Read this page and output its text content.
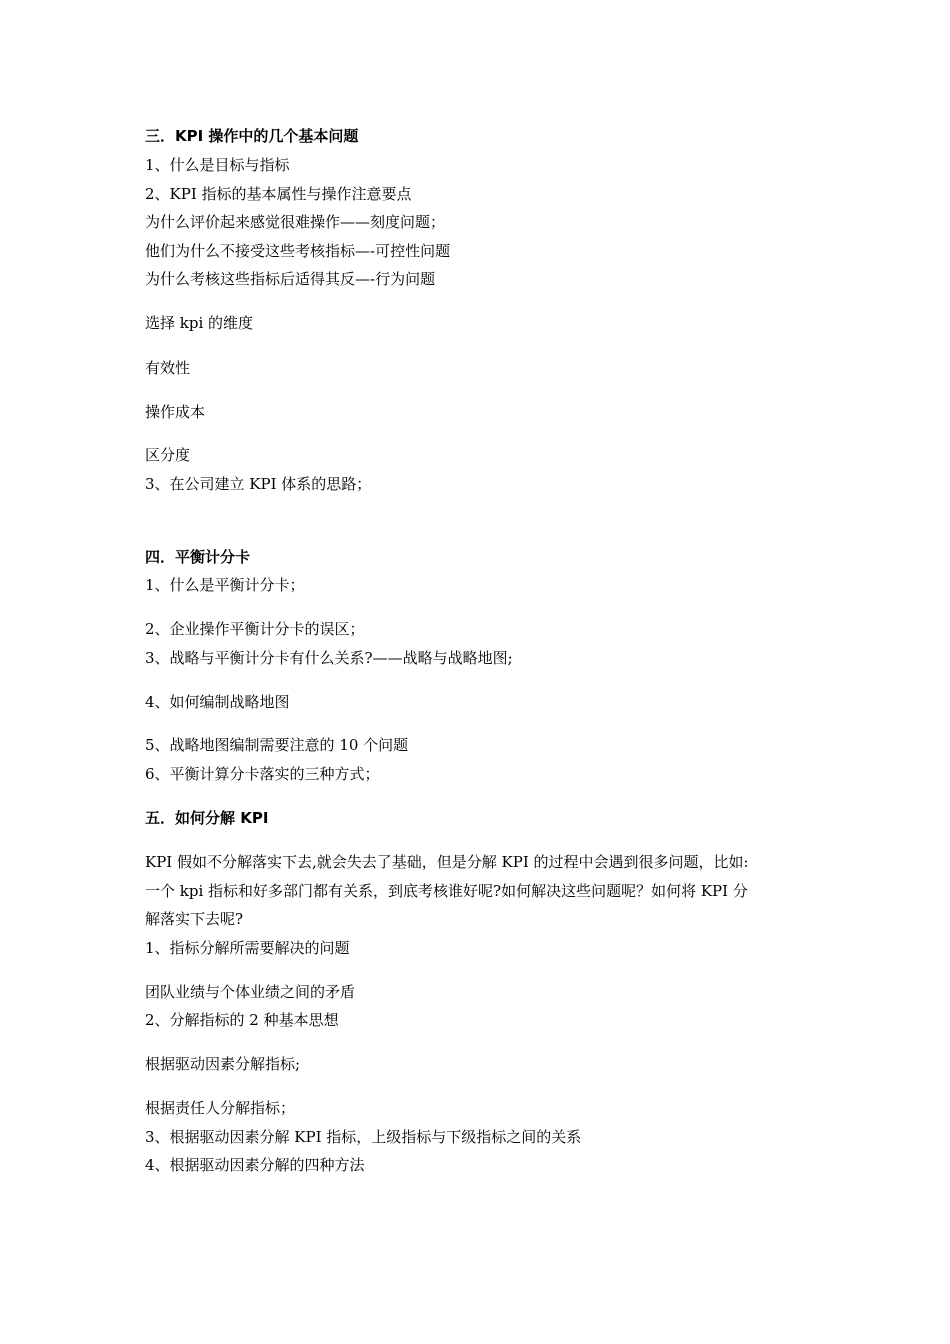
三．KPI 操作中的几个基本问题
1、什么是目标与指标
2、KPI 指标的基本属性与操作注意要点
为什么评价起来感觉很难操作——刻度问题；
他们为什么不接受这些考核指标—-可控性问题
为什么考核这些指标后适得其反—-行为问题
选择 kpi 的维度
有效性
操作成本
区分度
3、在公司建立 KPI 体系的思路；
四．平衡计分卡
1、什么是平衡计分卡；
2、企业操作平衡计分卡的误区；
3、战略与平衡计分卡有什么关系?——战略与战略地图;
4、如何编制战略地图
5、战略地图编制需要注意的 10 个问题
6、平衡计算分卡落实的三种方式；
五．如何分解 KPI
KPI 假如不分解落实下去,就会失去了基础，但是分解 KPI 的过程中会遇到很多问题，比如:
一个 kpi 指标和好多部门都有关系，到底考核谁好呢?如何解决这些问题呢？如何将 KPI 分
解落实下去呢?
1、指标分解所需要解决的问题
团队业绩与个体业绩之间的矛盾
2、分解指标的 2 种基本思想
根据驱动因素分解指标;
根据责任人分解指标；
3、根据驱动因素分解 KPI 指标，上级指标与下级指标之间的关系
4、根据驱动因素分解的四种方法
